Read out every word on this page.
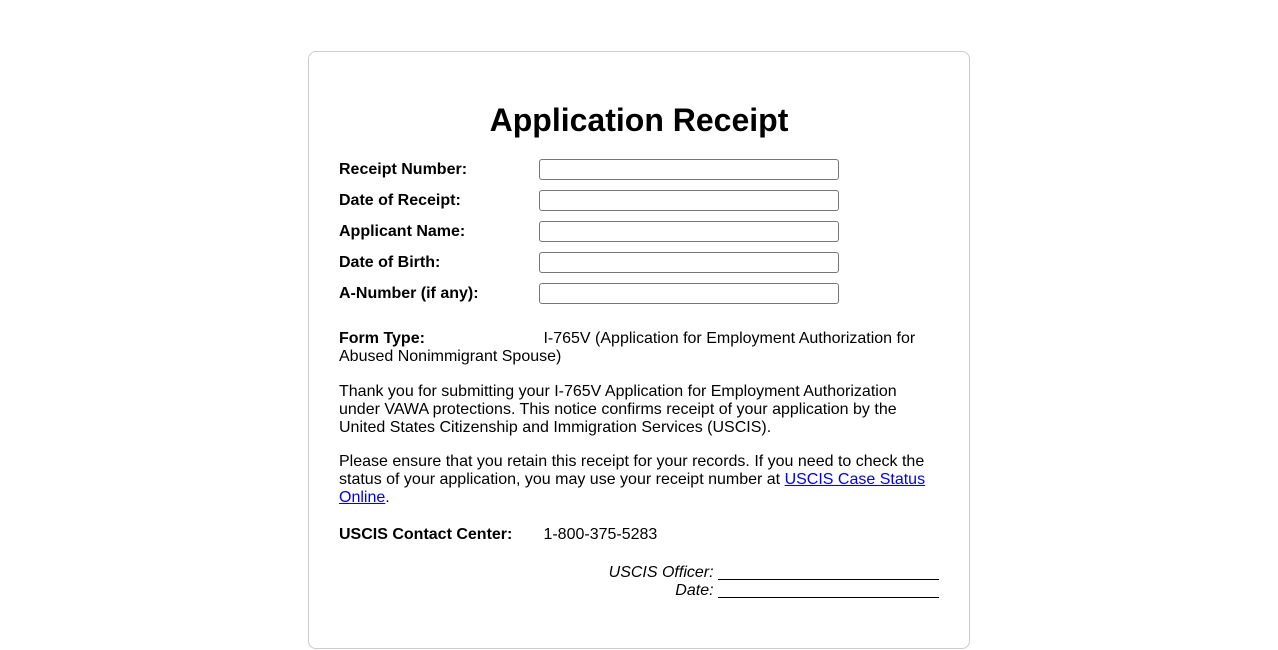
Application Receipt
Receipt Number:
Date of Receipt:
Applicant Name:
Date of Birth:
A-Number (if any):

Form Type:	I-765V (Application for Employment Authorization for Abused Nonimmigrant Spouse)

Thank you for submitting your I-765V Application for Employment Authorization under VAWA protections. This notice confirms receipt of your application by the United States Citizenship and Immigration Services (USCIS).

Please ensure that you retain this receipt for your records. If you need to check the status of your application, you may use your receipt number at USCIS Case Status Online.

USCIS Contact Center: 1-800-375-5283

USCIS Officer:
Date:
